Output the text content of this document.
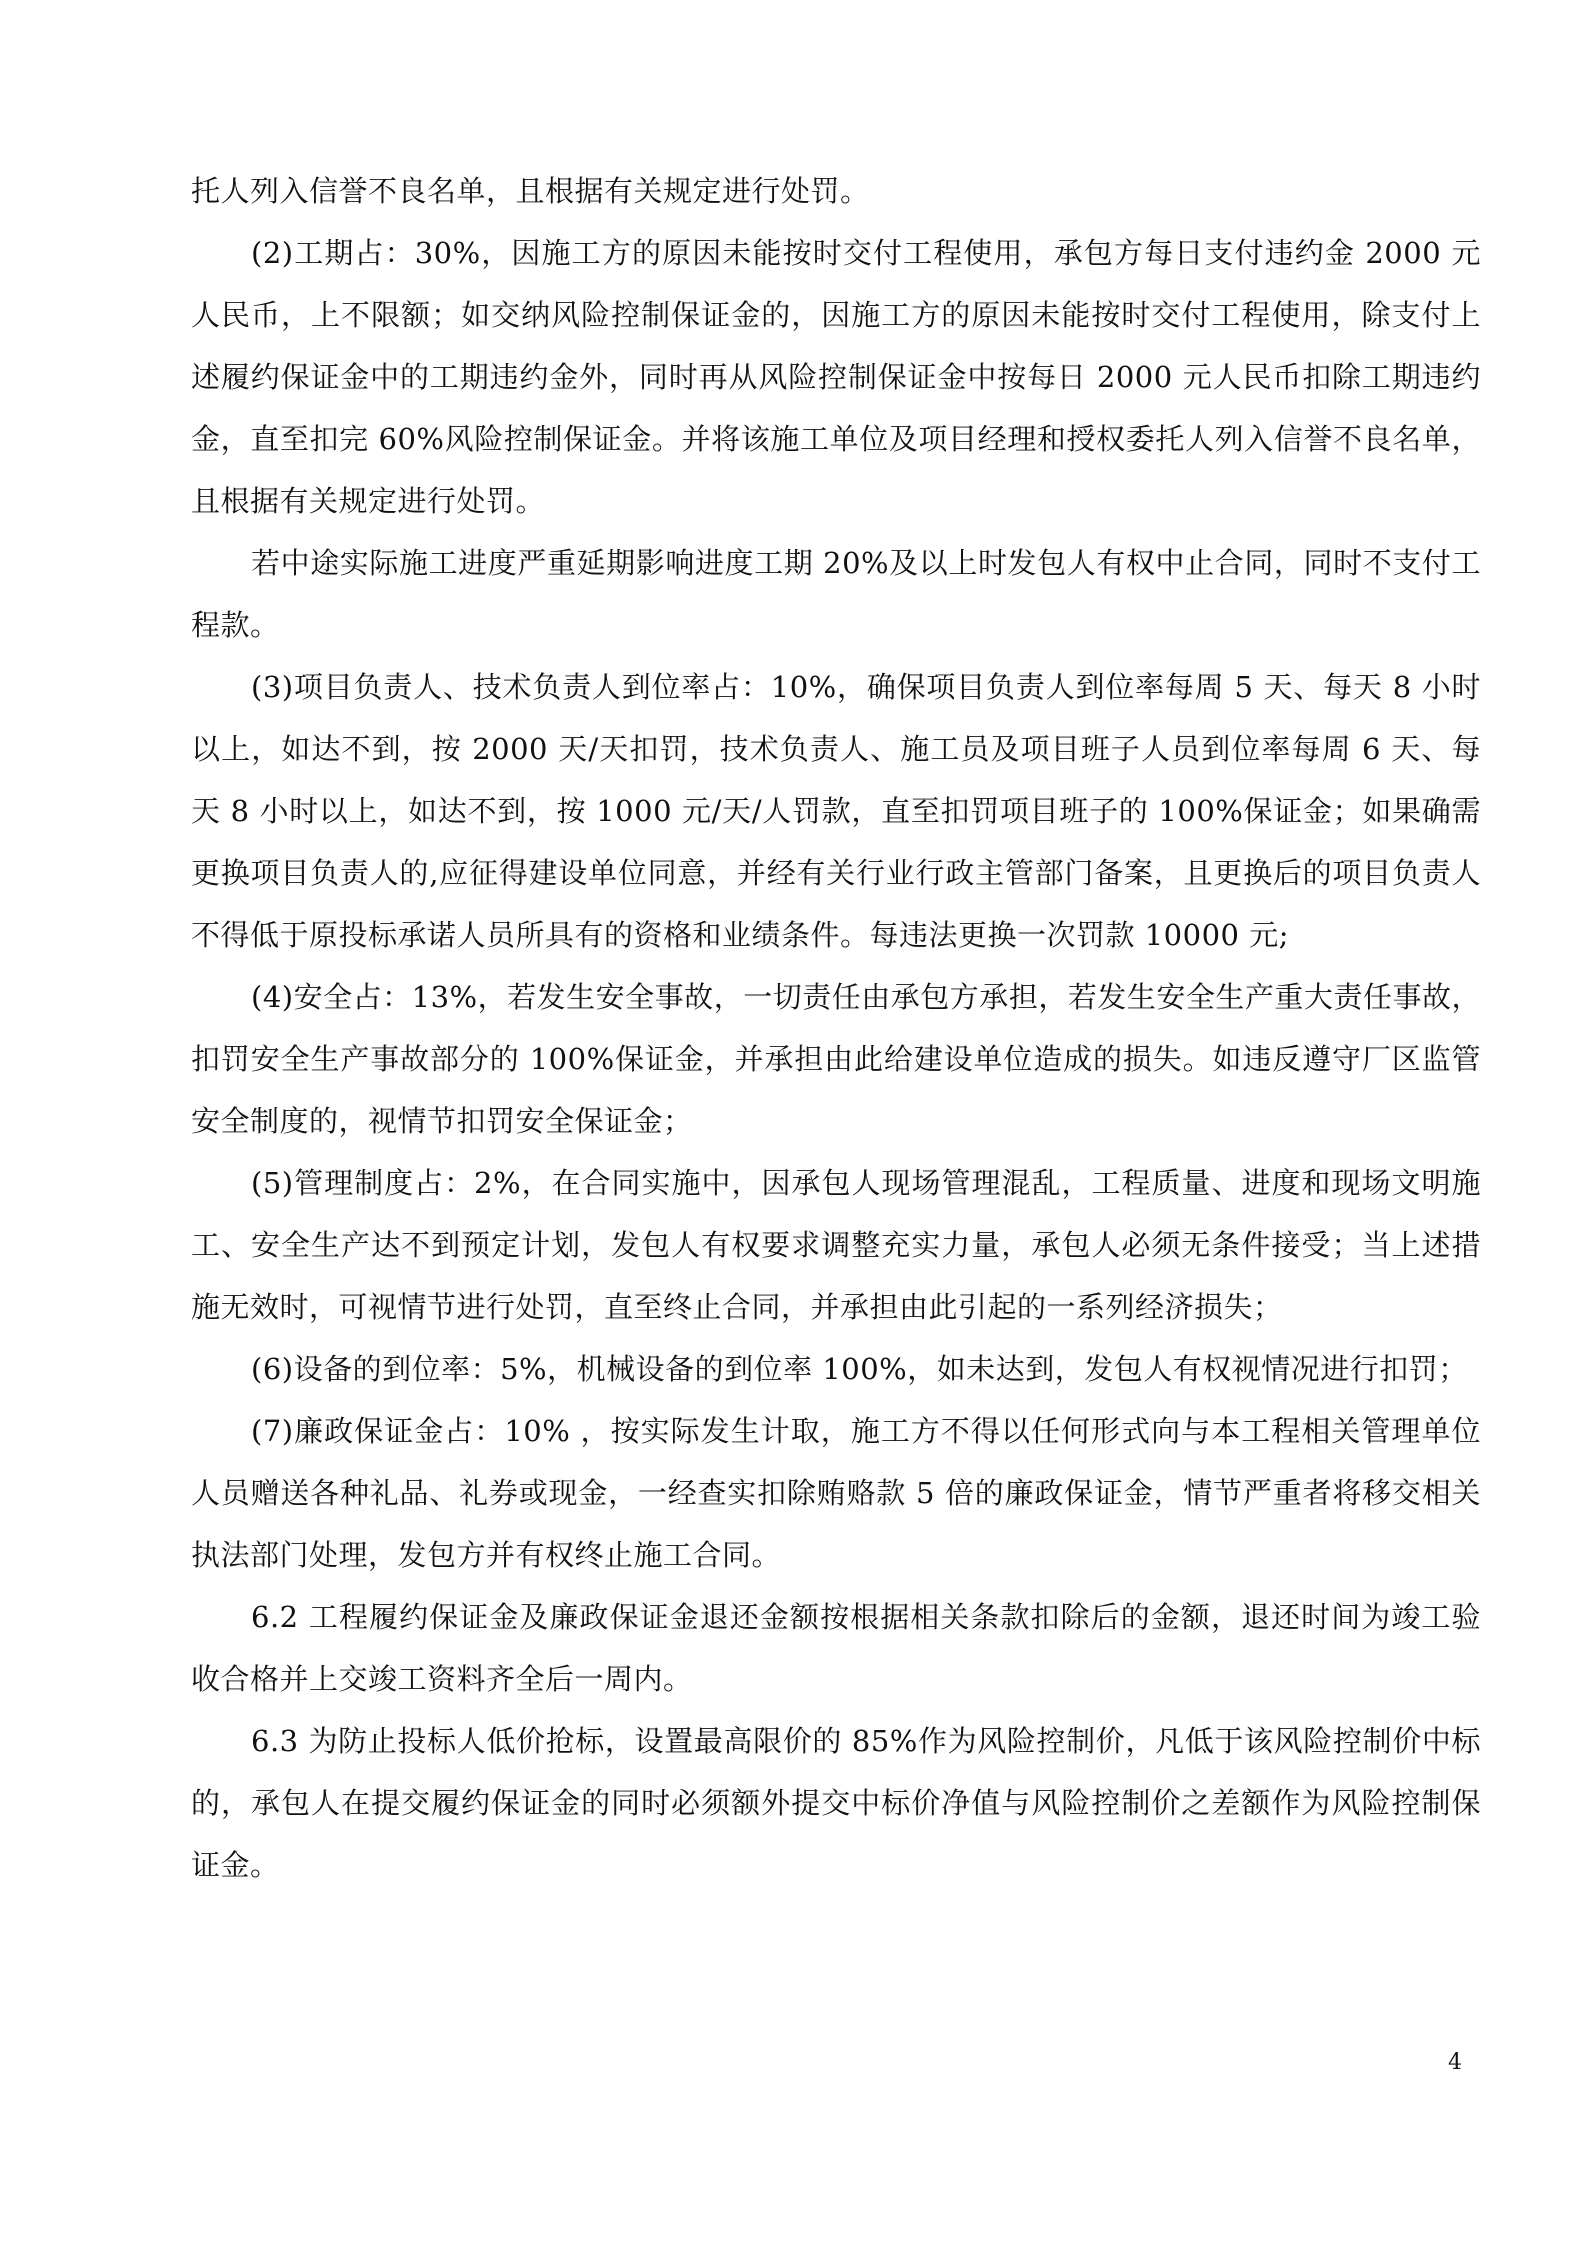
托人列入信誉不良名单，且根据有关规定进行处罚。

(2)工期占：30%，因施工方的原因未能按时交付工程使用，承包方每日支付违约金 2000 元人民币，上不限额；如交纳风险控制保证金的，因施工方的原因未能按时交付工程使用，除支付上述履约保证金中的工期违约金外，同时再从风险控制保证金中按每日 2000 元人民币扣除工期违约金，直至扣完 60%风险控制保证金。并将该施工单位及项目经理和授权委托人列入信誉不良名单，且根据有关规定进行处罚。

若中途实际施工进度严重延期影响进度工期 20%及以上时发包人有权中止合同，同时不支付工程款。

(3)项目负责人、技术负责人到位率占：10%，确保项目负责人到位率每周 5 天、每天 8 小时以上，如达不到，按 2000 天/天扣罚，技术负责人、施工员及项目班子人员到位率每周 6 天、每天 8 小时以上，如达不到，按 1000 元/天/人罚款，直至扣罚项目班子的 100%保证金；如果确需更换项目负责人的,应征得建设单位同意，并经有关行业行政主管部门备案，且更换后的项目负责人不得低于原投标承诺人员所具有的资格和业绩条件。每违法更换一次罚款 10000 元;

(4)安全占：13%，若发生安全事故，一切责任由承包方承担，若发生安全生产重大责任事故，扣罚安全生产事故部分的 100%保证金，并承担由此给建设单位造成的损失。如违反遵守厂区监管安全制度的，视情节扣罚安全保证金；

(5)管理制度占：2%，在合同实施中，因承包人现场管理混乱，工程质量、进度和现场文明施工、安全生产达不到预定计划，发包人有权要求调整充实力量，承包人必须无条件接受；当上述措施无效时，可视情节进行处罚，直至终止合同，并承担由此引起的一系列经济损失；

(6)设备的到位率：5%，机械设备的到位率 100%，如未达到，发包人有权视情况进行扣罚；

(7)廉政保证金占：10% ，按实际发生计取，施工方不得以任何形式向与本工程相关管理单位人员赠送各种礼品、礼券或现金，一经查实扣除贿赂款 5 倍的廉政保证金，情节严重者将移交相关执法部门处理，发包方并有权终止施工合同。

6.2 工程履约保证金及廉政保证金退还金额按根据相关条款扣除后的金额，退还时间为竣工验收合格并上交竣工资料齐全后一周内。

6.3 为防止投标人低价抢标，设置最高限价的 85%作为风险控制价，凡低于该风险控制价中标的，承包人在提交履约保证金的同时必须额外提交中标价净值与风险控制价之差额作为风险控制保证金。

4
